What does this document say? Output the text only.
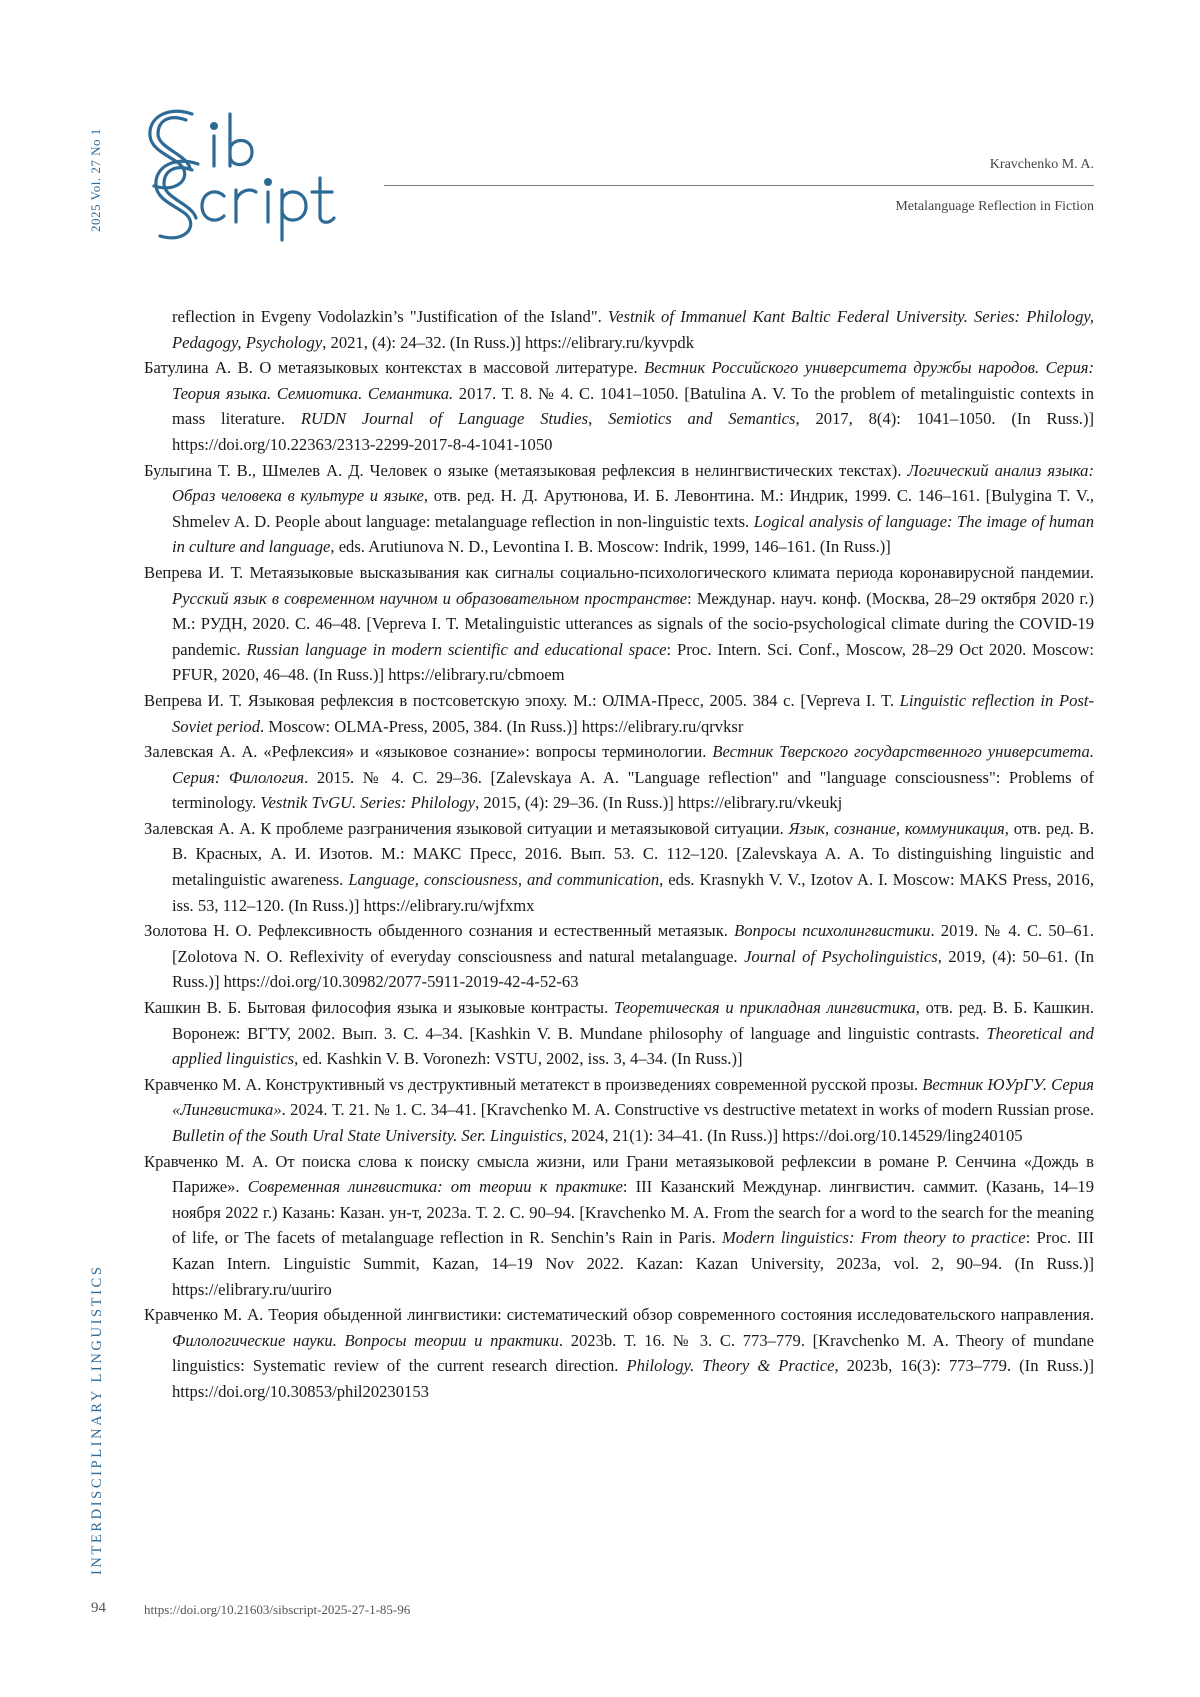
2025 Vol. 27 No 1	Kravchenko M. A.
Metalanguage Reflection in Fiction
reflection in Evgeny Vodolazkin’s "Justification of the Island". Vestnik of Immanuel Kant Baltic Federal University. Series: Philology, Pedagogy, Psychology, 2021, (4): 24–32. (In Russ.)] https://elibrary.ru/kyvpdk
Батулина А. В. О метаязыковых контекстах в массовой литературе. Вестник Российского университета дружбы народов. Серия: Теория языка. Семиотика. Семантика. 2017. Т. 8. № 4. С. 1041–1050. [Batulina A. V. To the problem of metalinguistic contexts in mass literature. RUDN Journal of Language Studies, Semiotics and Semantics, 2017, 8(4): 1041–1050. (In Russ.)] https://doi.org/10.22363/2313-2299-2017-8-4-1041-1050
Булыгина Т. В., Шмелев А. Д. Человек о языке (метаязыковая рефлексия в нелингвистических текстах). Логический анализ языка: Образ человека в культуре и языке, отв. ред. Н. Д. Арутюнова, И. Б. Левонтина. М.: Индрик, 1999. С. 146–161. [Bulygina T. V., Shmelev A. D. People about language: metalanguage reflection in non-linguistic texts. Logical analysis of language: The image of human in culture and language, eds. Arutiunova N. D., Levontina I. B. Moscow: Indrik, 1999, 146–161. (In Russ.)]
Вепрева И. Т. Метаязыковые высказывания как сигналы социально-психологического климата периода коронавирусной пандемии. Русский язык в современном научном и образовательном пространстве: Междунар. науч. конф. (Москва, 28–29 октября 2020 г.) М.: РУДН, 2020. С. 46–48. [Vepreva I. T. Metalinguistic utterances as signals of the socio-psychological climate during the COVID-19 pandemic. Russian language in modern scientific and educational space: Proc. Intern. Sci. Conf., Moscow, 28–29 Oct 2020. Moscow: PFUR, 2020, 46–48. (In Russ.)] https://elibrary.ru/cbmoem
Вепрева И. Т. Языковая рефлексия в постсоветскую эпоху. М.: ОЛМА-Пресс, 2005. 384 с. [Vepreva I. T. Linguistic reflection in Post-Soviet period. Moscow: OLMA-Press, 2005, 384. (In Russ.)] https://elibrary.ru/qrvksr
Залевская А. А. «Рефлексия» и «языковое сознание»: вопросы терминологии. Вестник Тверского государственного университета. Серия: Филология. 2015. № 4. С. 29–36. [Zalevskaya A. A. "Language reflection" and "language consciousness": Problems of terminology. Vestnik TvGU. Series: Philology, 2015, (4): 29–36. (In Russ.)] https://elibrary.ru/vkeukj
Залевская А. А. К проблеме разграничения языковой ситуации и метаязыковой ситуации. Язык, сознание, коммуникация, отв. ред. В. В. Красных, А. И. Изотов. М.: МАКС Пресс, 2016. Вып. 53. С. 112–120. [Zalevskaya A. A. To distinguishing linguistic and metalinguistic awareness. Language, consciousness, and communication, eds. Krasnykh V. V., Izotov A. I. Moscow: MAKS Press, 2016, iss. 53, 112–120. (In Russ.)] https://elibrary.ru/wjfxmx
Золотова Н. О. Рефлексивность обыденного сознания и естественный метаязык. Вопросы психолингвистики. 2019. № 4. С. 50–61. [Zolotova N. O. Reflexivity of everyday consciousness and natural metalanguage. Journal of Psycholinguistics, 2019, (4): 50–61. (In Russ.)] https://doi.org/10.30982/2077-5911-2019-42-4-52-63
Кашкин В. Б. Бытовая философия языка и языковые контрасты. Теоретическая и прикладная лингвистика, отв. ред. В. Б. Кашкин. Воронеж: ВГТУ, 2002. Вып. 3. С. 4–34. [Kashkin V. B. Mundane philosophy of language and linguistic contrasts. Theoretical and applied linguistics, ed. Kashkin V. B. Voronezh: VSTU, 2002, iss. 3, 4–34. (In Russ.)]
Кравченко М. А. Конструктивный vs деструктивный метатекст в произведениях современной русской прозы. Вестник ЮУрГУ. Серия «Лингвистика». 2024. Т. 21. № 1. С. 34–41. [Kravchenko M. A. Constructive vs destructive metatext in works of modern Russian prose. Bulletin of the South Ural State University. Ser. Linguistics, 2024, 21(1): 34–41. (In Russ.)] https://doi.org/10.14529/ling240105
Кравченко М. А. От поиска слова к поиску смысла жизни, или Грани метаязыковой рефлексии в романе Р. Сенчина «Дождь в Париже». Современная лингвистика: от теории к практике: III Казанский Междунар. лингвистич. саммит. (Казань, 14–19 ноября 2022 г.) Казань: Казан. ун-т, 2023а. Т. 2. С. 90–94. [Kravchenko M. A. From the search for a word to the search for the meaning of life, or The facets of metalanguage reflection in R. Senchin’s Rain in Paris. Modern linguistics: From theory to practice: Proc. III Kazan Intern. Linguistic Summit, Kazan, 14–19 Nov 2022. Kazan: Kazan University, 2023a, vol. 2, 90–94. (In Russ.)] https://elibrary.ru/uuriro
Кравченко М. А. Теория обыденной лингвистики: систематический обзор современного состояния исследовательского направления. Филологические науки. Вопросы теории и практики. 2023b. Т. 16. № 3. С. 773–779. [Kravchenko M. A. Theory of mundane linguistics: Systematic review of the current research direction. Philology. Theory & Practice, 2023b, 16(3): 773–779. (In Russ.)] https://doi.org/10.30853/phil20230153
INTERDISCIPLINARY LINGUISTICS
94	https://doi.org/10.21603/sibscript-2025-27-1-85-96
